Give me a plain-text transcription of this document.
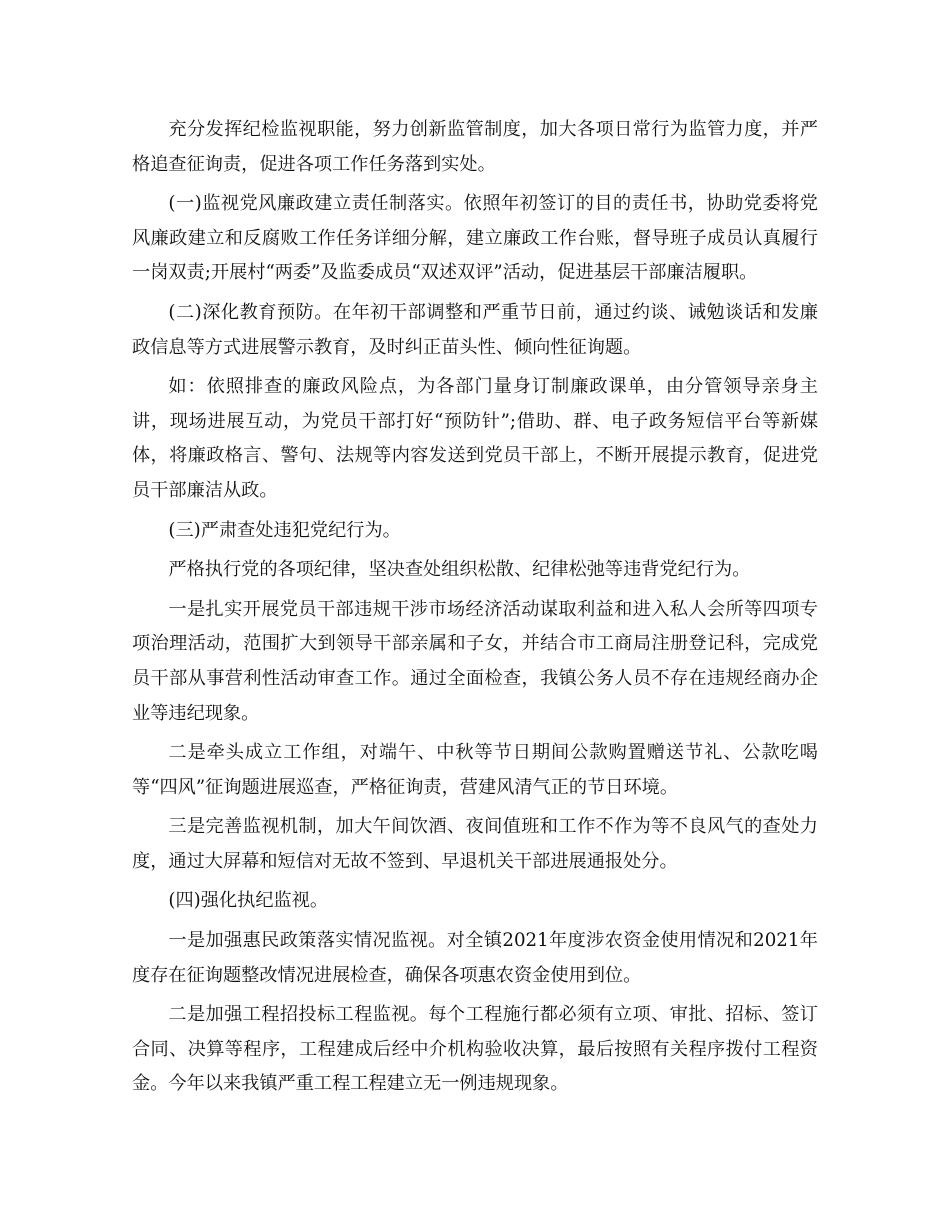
充分发挥纪检监视职能，努力创新监管制度，加大各项日常行为监管力度，并严格追查征询责，促进各项工作任务落到实处。

(一)监视党风廉政建立责任制落实。依照年初签订的目的责任书，协助党委将党风廉政建立和反腐败工作任务详细分解，建立廉政工作台账，督导班子成员认真履行一岗双责;开展村“两委”及监委成员“双述双评”活动，促进基层干部廉洁履职。

(二)深化教育预防。在年初干部调整和严重节日前，通过约谈、诫勉谈话和发廉政信息等方式进展警示教育，及时纠正苗头性、倾向性征询题。

如：依照排查的廉政风险点，为各部门量身订制廉政课单，由分管领导亲身主讲，现场进展互动，为党员干部打好“预防针”;借助、群、电子政务短信平台等新媒体，将廉政格言、警句、法规等内容发送到党员干部上，不断开展提示教育，促进党员干部廉洁从政。

(三)严肃查处违犯党纪行为。

严格执行党的各项纪律，坚决查处组织松散、纪律松弛等违背党纪行为。

一是扎实开展党员干部违规干涉市场经济活动谋取利益和进入私人会所等四项专项治理活动，范围扩大到领导干部亲属和子女，并结合市工商局注册登记科，完成党员干部从事营利性活动审查工作。通过全面检查，我镇公务人员不存在违规经商办企业等违纪现象。

二是牵头成立工作组，对端午、中秋等节日期间公款购置赠送节礼、公款吃喝等“四风”征询题进展巡查，严格征询责，营建风清气正的节日环境。

三是完善监视机制，加大午间饮酒、夜间值班和工作不作为等不良风气的查处力度，通过大屏幕和短信对无故不签到、早退机关干部进展通报处分。

(四)强化执纪监视。

一是加强惠民政策落实情况监视。对全镇2021年度涉农资金使用情况和2021年度存在征询题整改情况进展检查，确保各项惠农资金使用到位。

二是加强工程招投标工程监视。每个工程施行都必须有立项、审批、招标、签订合同、决算等程序，工程建成后经中介机构验收决算，最后按照有关程序拨付工程资金。今年以来我镇严重工程工程建立无一例违规现象。
